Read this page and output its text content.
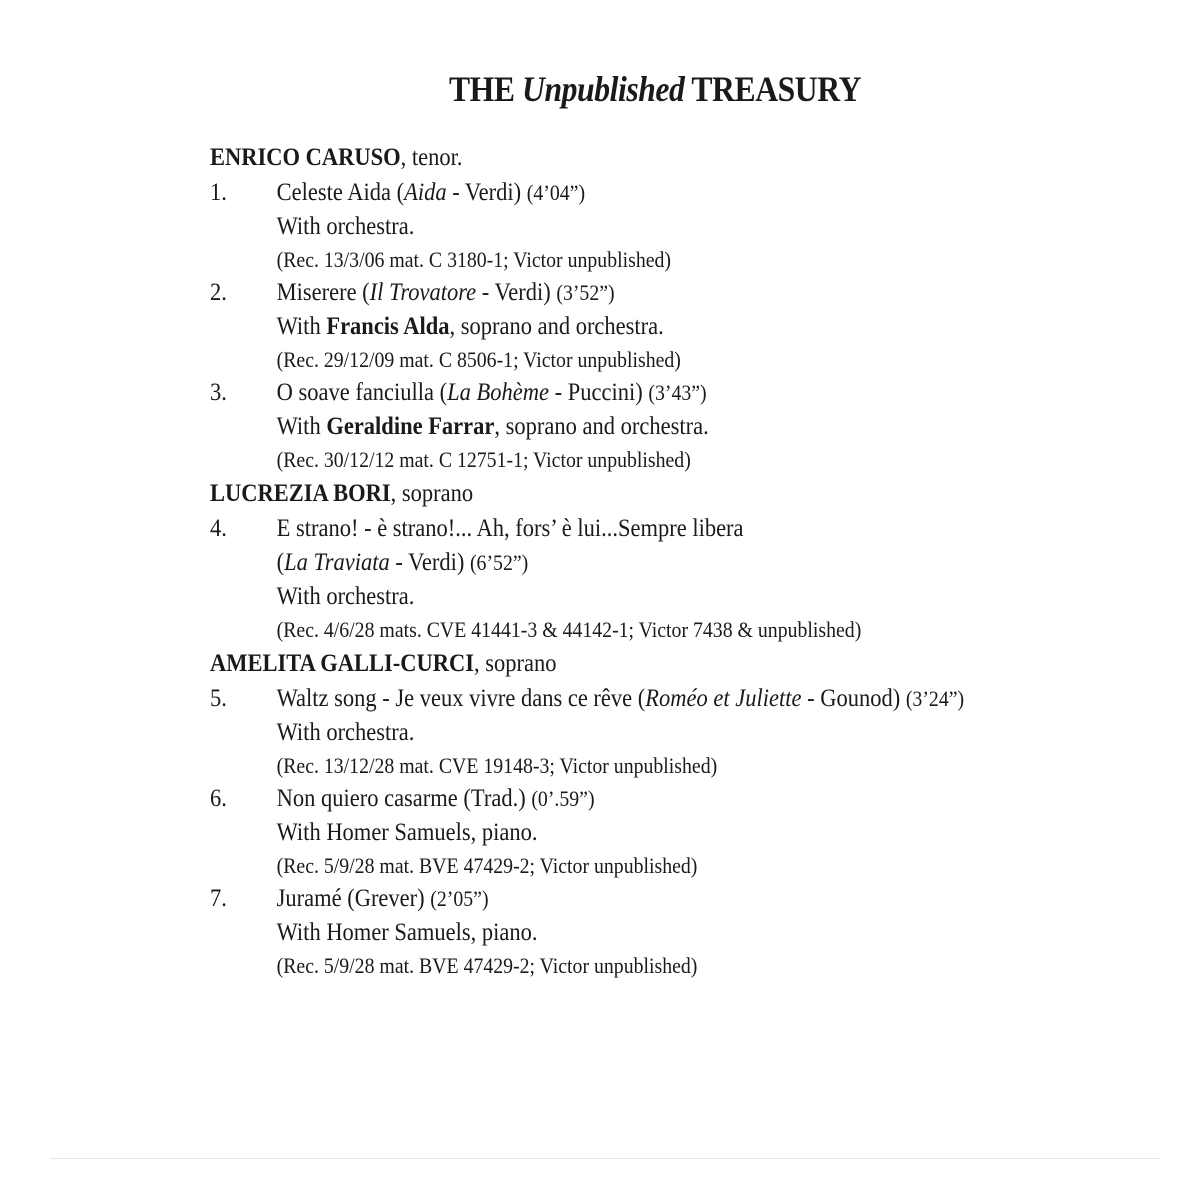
THE Unpublished TREASURY
ENRICO CARUSO, tenor.
1. Celeste Aida (Aida - Verdi) (4’04”)
With orchestra.
(Rec. 13/3/06 mat. C 3180-1; Victor unpublished)
2. Miserere (Il Trovatore - Verdi) (3’52”)
With Francis Alda, soprano and orchestra.
(Rec. 29/12/09 mat. C 8506-1; Victor unpublished)
3. O soave fanciulla (La Bohème - Puccini) (3’43”)
With Geraldine Farrar, soprano and orchestra.
(Rec. 30/12/12 mat. C 12751-1; Victor unpublished)
LUCREZIA BORI, soprano
4. E strano! - è strano!... Ah, fors’ è lui...Sempre libera
(La Traviata - Verdi) (6’52”)
With orchestra.
(Rec. 4/6/28 mats. CVE 41441-3 & 44142-1; Victor 7438 & unpublished)
AMELITA GALLI-CURCI, soprano
5. Waltz song - Je veux vivre dans ce rêve (Roméo et Juliette - Gounod) (3’24”)
With orchestra.
(Rec. 13/12/28 mat. CVE 19148-3; Victor unpublished)
6. Non quiero casarme (Trad.) (0’.59”)
With Homer Samuels, piano.
(Rec. 5/9/28 mat. BVE 47429-2; Victor unpublished)
7. Juramé (Grever) (2’05”)
With Homer Samuels, piano.
(Rec. 5/9/28 mat. BVE 47429-2; Victor unpublished)
